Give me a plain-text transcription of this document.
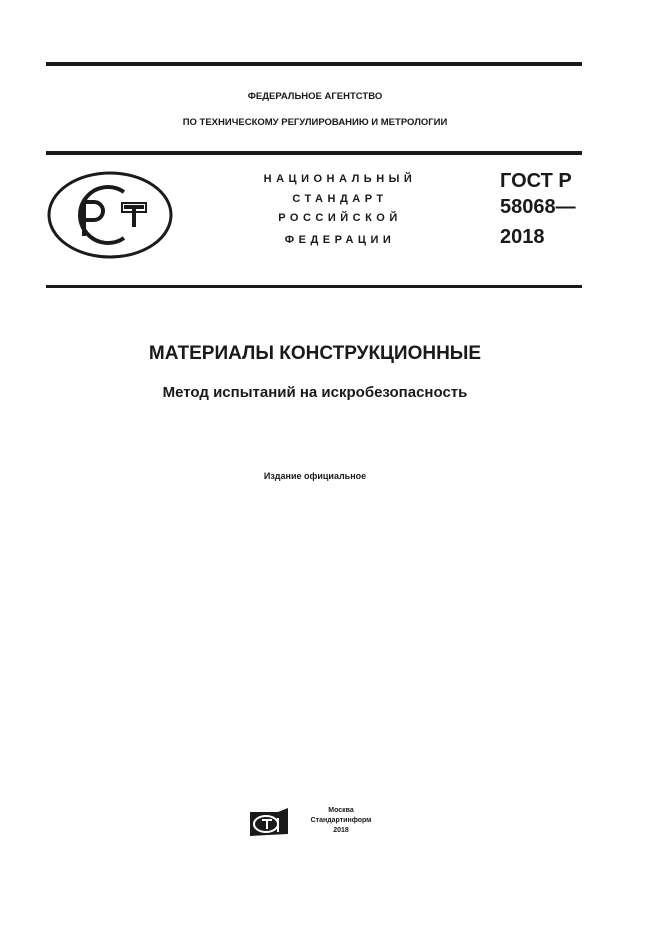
ФЕДЕРАЛЬНОЕ АГЕНТСТВО
ПО ТЕХНИЧЕСКОМУ РЕГУЛИРОВАНИЮ И МЕТРОЛОГИИ
НАЦИОНАЛЬНЫЙ
СТАНДАРТ
РОССИЙСКОЙ
ФЕДЕРАЦИИ
ГОСТ Р
58068—
2018
МАТЕРИАЛЫ КОНСТРУКЦИОННЫЕ
Метод испытаний на искробезопасность
Издание официальное
Москва
Стандартинформ
2018
